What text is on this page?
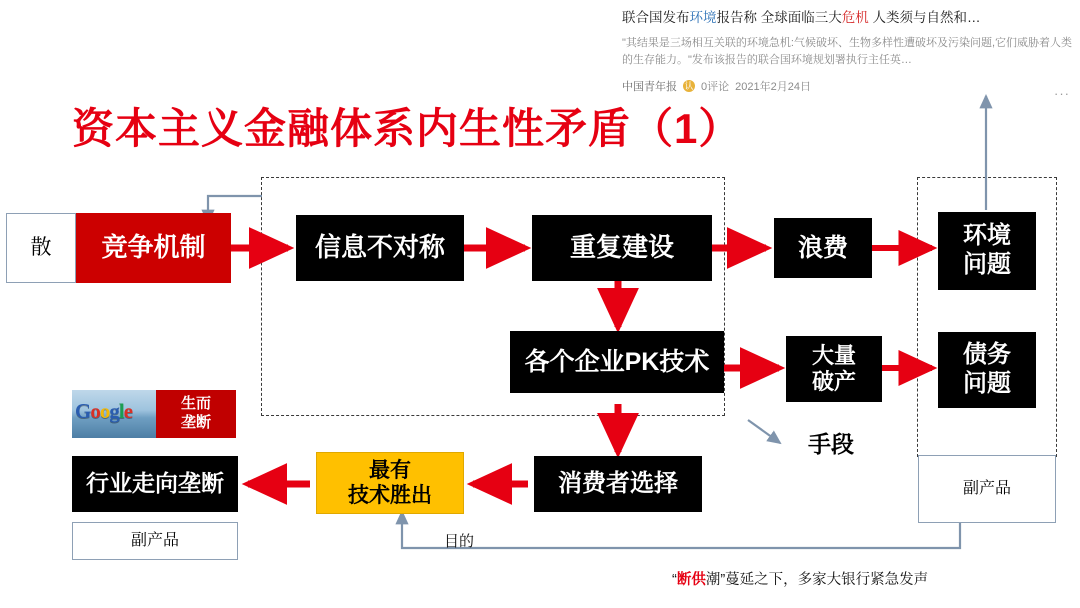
联合国发布环境报告称 全球面临三大危机 人类须与自然和…
"其结果是三场相互关联的环境急机:气候破坏、生物多样性遭破坏及污染问题,它们威胁着人类的生存能力。"发布该报告的联合国环境规划署执行主任英…
中国青年报 认 0评论 2021年2月24日	···
资本主义金融体系内生性矛盾（1）
散	竞争机制	信息不对称	重复建设	浪费	环境
问题
各个企业PK技术	大量
破产
债务
问题
消费者选择
最有
技术胜出
行业走向垄断
副产品
副产品
手段
目的
Google	生而
垄断
“断供潮”蔓延之下，多家大银行紧急发声
